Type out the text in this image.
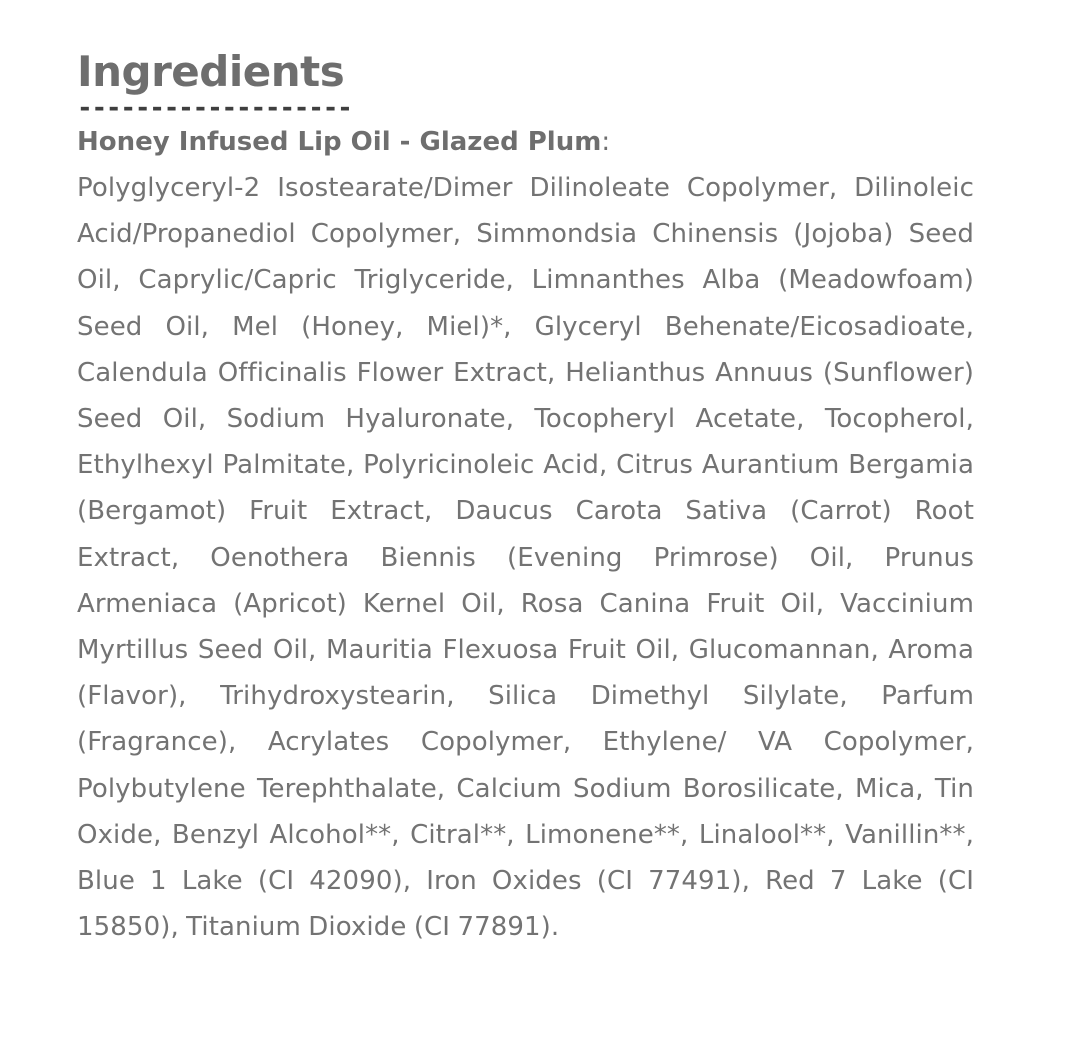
Ingredients
-------------------
Honey Infused Lip Oil - Glazed Plum:

Polyglyceryl-2 Isostearate/Dimer Dilinoleate Copolymer, Dilinoleic Acid/Propanediol Copolymer, Simmondsia Chinensis (Jojoba) Seed Oil, Caprylic/Capric Triglyceride, Limnanthes Alba (Meadowfoam) Seed Oil, Mel (Honey, Miel)*, Glyceryl Behenate/Eicosadioate, Calendula Officinalis Flower Extract, Helianthus Annuus (Sunflower) Seed Oil, Sodium Hyaluronate, Tocopheryl Acetate, Tocopherol, Ethylhexyl Palmitate, Polyricinoleic Acid, Citrus Aurantium Bergamia (Bergamot) Fruit Extract, Daucus Carota Sativa (Carrot) Root Extract, Oenothera Biennis (Evening Primrose) Oil, Prunus Armeniaca (Apricot) Kernel Oil, Rosa Canina Fruit Oil, Vaccinium Myrtillus Seed Oil, Mauritia Flexuosa Fruit Oil, Glucomannan, Aroma (Flavor), Trihydroxystearin, Silica Dimethyl Silylate, Parfum (Fragrance), Acrylates Copolymer, Ethylene/ VA Copolymer, Polybutylene Terephthalate, Calcium Sodium Borosilicate, Mica, Tin Oxide, Benzyl Alcohol**, Citral**, Limonene**, Linalool**, Vanillin**, Blue 1 Lake (CI 42090), Iron Oxides (CI 77491), Red 7 Lake (CI 15850), Titanium Dioxide (CI 77891).
